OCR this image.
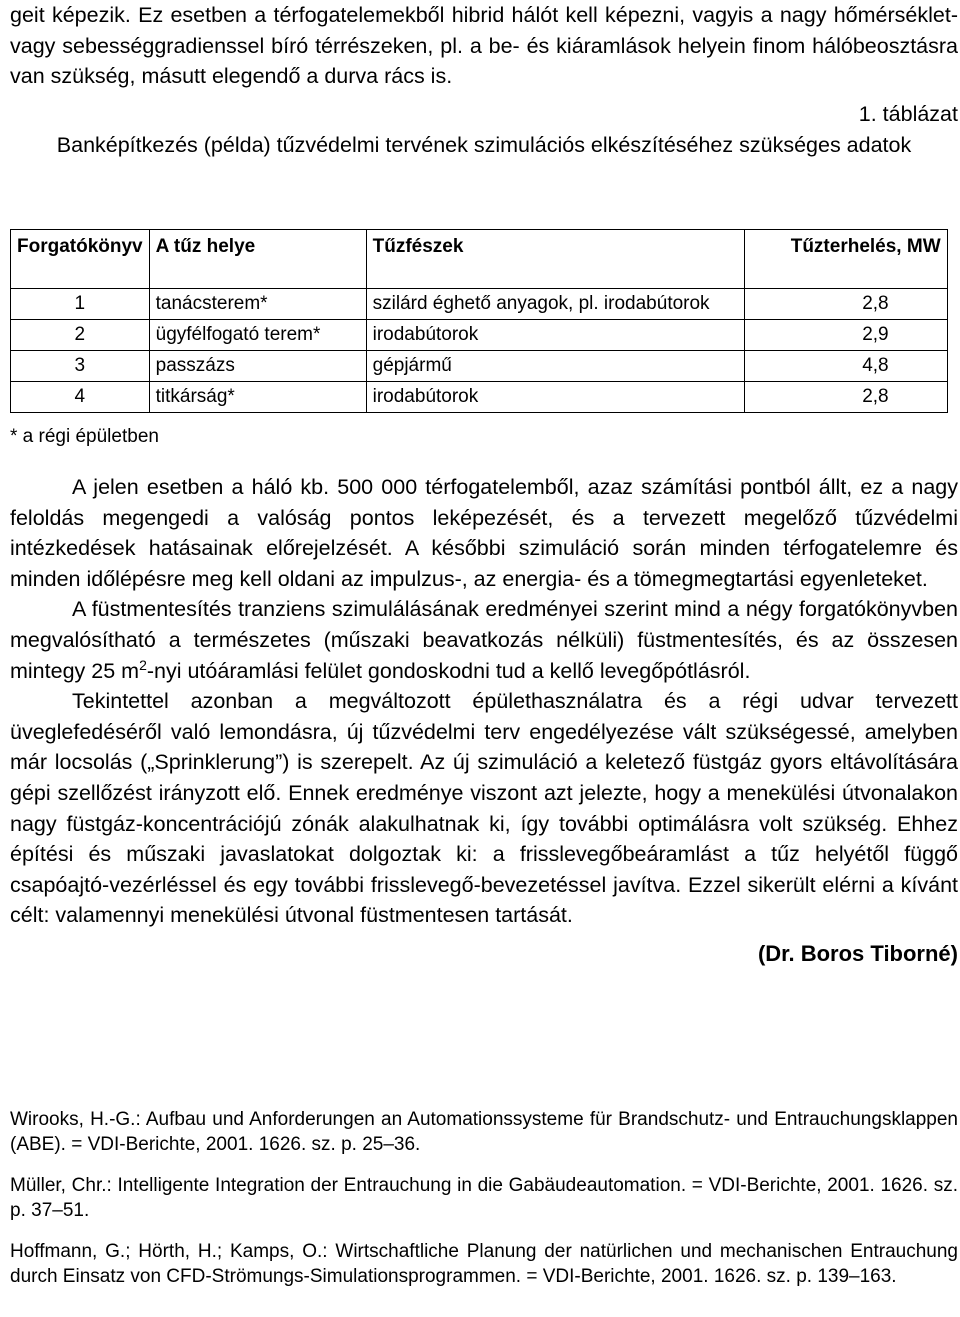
geit képezik. Ez esetben a térfogatelemekből hibrid hálót kell képezni, vagyis a nagy hőmérséklet- vagy sebességgradienssel bíró térrészeken, pl. a be- és kiáramlások helyein finom hálóbeosztásra van szükség, másutt elegendő a durva rács is.

1. táblázat

Banképítkezés (példa) tűzvédelmi tervének szimulációs elkészítéséhez szükséges adatok

Forgatókönyv	A tűz helye	Tűzfészek	Tűzterhelés, MW
1	tanácsterem*	szilárd éghető anyagok, pl. irodabútorok	2,8
2	ügyfélfogató terem*	irodabútorok	2,9
3	passzázs	gépjármű	4,8
4	titkárság*	irodabútorok	2,8
* a régi épületben

A jelen esetben a háló kb. 500 000 térfogatelemből, azaz számítási pontból állt, ez a nagy feloldás megengedi a valóság pontos leképezését, és a tervezett megelőző tűzvédelmi intézkedések hatásainak előrejelzését. A későbbi szimuláció során minden térfogatelemre és minden időlépésre meg kell oldani az impulzus-, az energia- és a tömegmegtartási egyenleteket.

A füstmentesítés tranziens szimulálásának eredményei szerint mind a négy forgatókönyvben megvalósítható a természetes (műszaki beavatkozás nélküli) füstmentesítés, és az összesen mintegy 25 $m^2$-nyi utóáramlási felület gondoskodni tud a kellő levegőpótlásról.

Tekintettel azonban a megváltozott épülethasználatra és a régi udvar tervezett üveglefedéséről való lemondásra, új tűzvédelmi terv engedélyezése vált szükségessé, amelyben már locsolás („Sprinklerung”) is szerepelt. Az új szimuláció a keletező füstgáz gyors eltávolítására gépi szellőzést irányzott elő. Ennek eredménye viszont azt jelezte, hogy a menekülési útvonalakon nagy füstgáz-koncentrációjú zónák alakulhatnak ki, így további optimálásra volt szükség. Ehhez építési és műszaki javaslatokat dolgoztak ki: a frisslevegőbeáramlást a tűz helyétől függő csapóajtó-vezérléssel és egy további frisslevegő-bevezetéssel javítva. Ezzel sikerült elérni a kívánt célt: valamennyi menekülési útvonal füstmentesen tartását.

(Dr. Boros Tiborné)

Wirooks, H.-G.: Aufbau und Anforderungen an Automationssysteme für Brandschutz- und Entrauchungsklappen (ABE). = VDI-Berichte, 2001. 1626. sz. p. 25–36.

Müller, Chr.: Intelligente Integration der Entrauchung in die Gabäudeautomation. = VDI-Berichte, 2001. 1626. sz. p. 37–51.

Hoffmann, G.; Hörth, H.; Kamps, O.: Wirtschaftliche Planung der natürlichen und mechanischen Entrauchung durch Einsatz von CFD-Strömungs-Simulationsprogrammen. = VDI-Berichte, 2001. 1626. sz. p. 139–163.
